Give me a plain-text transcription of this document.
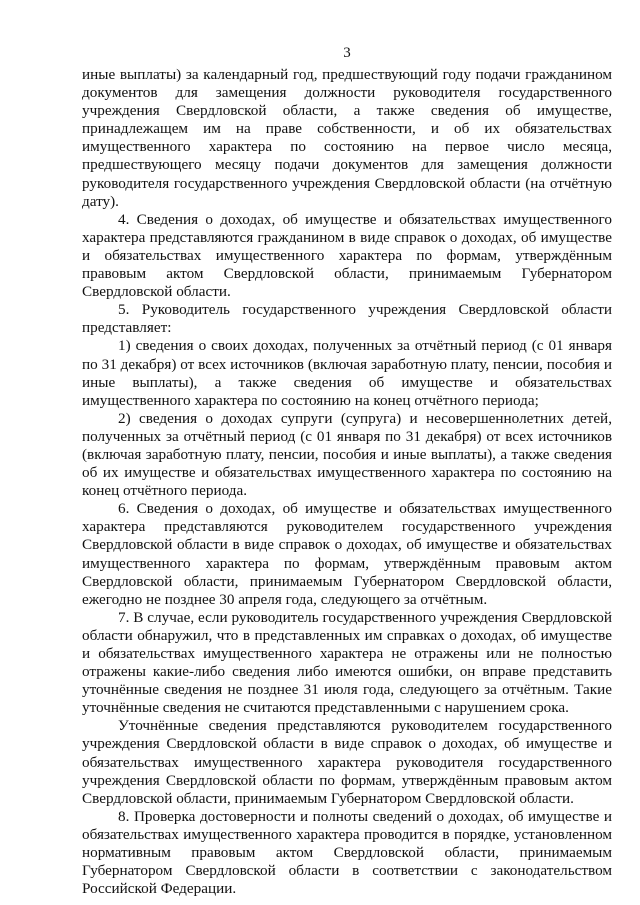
3

иные выплаты) за календарный год, предшествующий году подачи гражданином документов для замещения должности руководителя государственного учреждения Свердловской области, а также сведения об имуществе, принадлежащем им на праве собственности, и об их обязательствах имущественного характера по состоянию на первое число месяца, предшествующего месяцу подачи документов для замещения должности руководителя государственного учреждения Свердловской области (на отчётную дату).

4. Сведения о доходах, об имуществе и обязательствах имущественного характера представляются гражданином в виде справок о доходах, об имуществе и обязательствах имущественного характера по формам, утверждённым правовым актом Свердловской области, принимаемым Губернатором Свердловской области.

5. Руководитель государственного учреждения Свердловской области представляет:

1) сведения о своих доходах, полученных за отчётный период (с 01 января по 31 декабря) от всех источников (включая заработную плату, пенсии, пособия и иные выплаты), а также сведения об имуществе и обязательствах имущественного характера по состоянию на конец отчётного периода;

2) сведения о доходах супруги (супруга) и несовершеннолетних детей, полученных за отчётный период (с 01 января по 31 декабря) от всех источников (включая заработную плату, пенсии, пособия и иные выплаты), а также сведения об их имуществе и обязательствах имущественного характера по состоянию на конец отчётного периода.

6. Сведения о доходах, об имуществе и обязательствах имущественного характера представляются руководителем государственного учреждения Свердловской области в виде справок о доходах, об имуществе и обязательствах имущественного характера по формам, утверждённым правовым актом Свердловской области, принимаемым Губернатором Свердловской области, ежегодно не позднее 30 апреля года, следующего за отчётным.

7. В случае, если руководитель государственного учреждения Свердловской области обнаружил, что в представленных им справках о доходах, об имуществе и обязательствах имущественного характера не отражены или не полностью отражены какие-либо сведения либо имеются ошибки, он вправе представить уточнённые сведения не позднее 31 июля года, следующего за отчётным. Такие уточнённые сведения не считаются представленными с нарушением срока.

Уточнённые сведения представляются руководителем государственного учреждения Свердловской области в виде справок о доходах, об имуществе и обязательствах имущественного характера руководителя государственного учреждения Свердловской области по формам, утверждённым правовым актом Свердловской области, принимаемым Губернатором Свердловской области.

8. Проверка достоверности и полноты сведений о доходах, об имуществе и обязательствах имущественного характера проводится в порядке, установленном нормативным правовым актом Свердловской области, принимаемым Губернатором Свердловской области в соответствии с законодательством Российской Федерации.
